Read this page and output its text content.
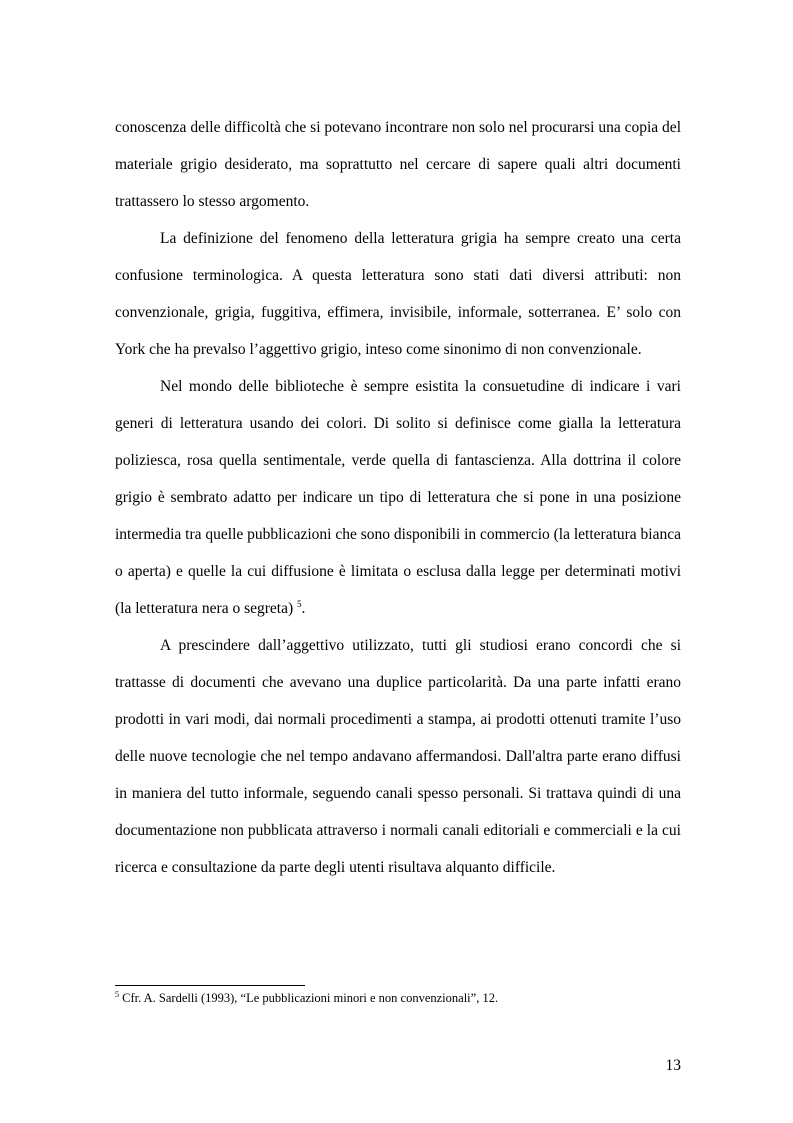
conoscenza delle difficoltà che si potevano incontrare non solo nel procurarsi una copia del materiale grigio desiderato, ma soprattutto nel cercare di sapere quali altri documenti trattassero lo stesso argomento.

La definizione del fenomeno della letteratura grigia ha sempre creato una certa confusione terminologica. A questa letteratura sono stati dati diversi attributi: non convenzionale, grigia, fuggitiva, effimera, invisibile, informale, sotterranea. E’ solo con York che ha prevalso l’aggettivo grigio, inteso come sinonimo di non convenzionale.

Nel mondo delle biblioteche è sempre esistita la consuetudine di indicare i vari generi di letteratura usando dei colori. Di solito si definisce come gialla la letteratura poliziesca, rosa quella sentimentale, verde quella di fantascienza. Alla dottrina il colore grigio è sembrato adatto per indicare un tipo di letteratura che si pone in una posizione intermedia tra quelle pubblicazioni che sono disponibili in commercio (la letteratura bianca o aperta) e quelle la cui diffusione è limitata o esclusa dalla legge per determinati motivi (la letteratura nera o segreta) $^5$.

A prescindere dall’aggettivo utilizzato, tutti gli studiosi erano concordi che si trattasse di documenti che avevano una duplice particolarità. Da una parte infatti erano prodotti in vari modi, dai normali procedimenti a stampa, ai prodotti ottenuti tramite l’uso delle nuove tecnologie che nel tempo andavano affermandosi. Dall'altra parte erano diffusi in maniera del tutto informale, seguendo canali spesso personali. Si trattava quindi di una documentazione non pubblicata attraverso i normali canali editoriali e commerciali e la cui ricerca e consultazione da parte degli utenti risultava alquanto difficile.

$^5$ Cfr. A. Sardelli (1993), “Le pubblicazioni minori e non convenzionali”, 12.
13
